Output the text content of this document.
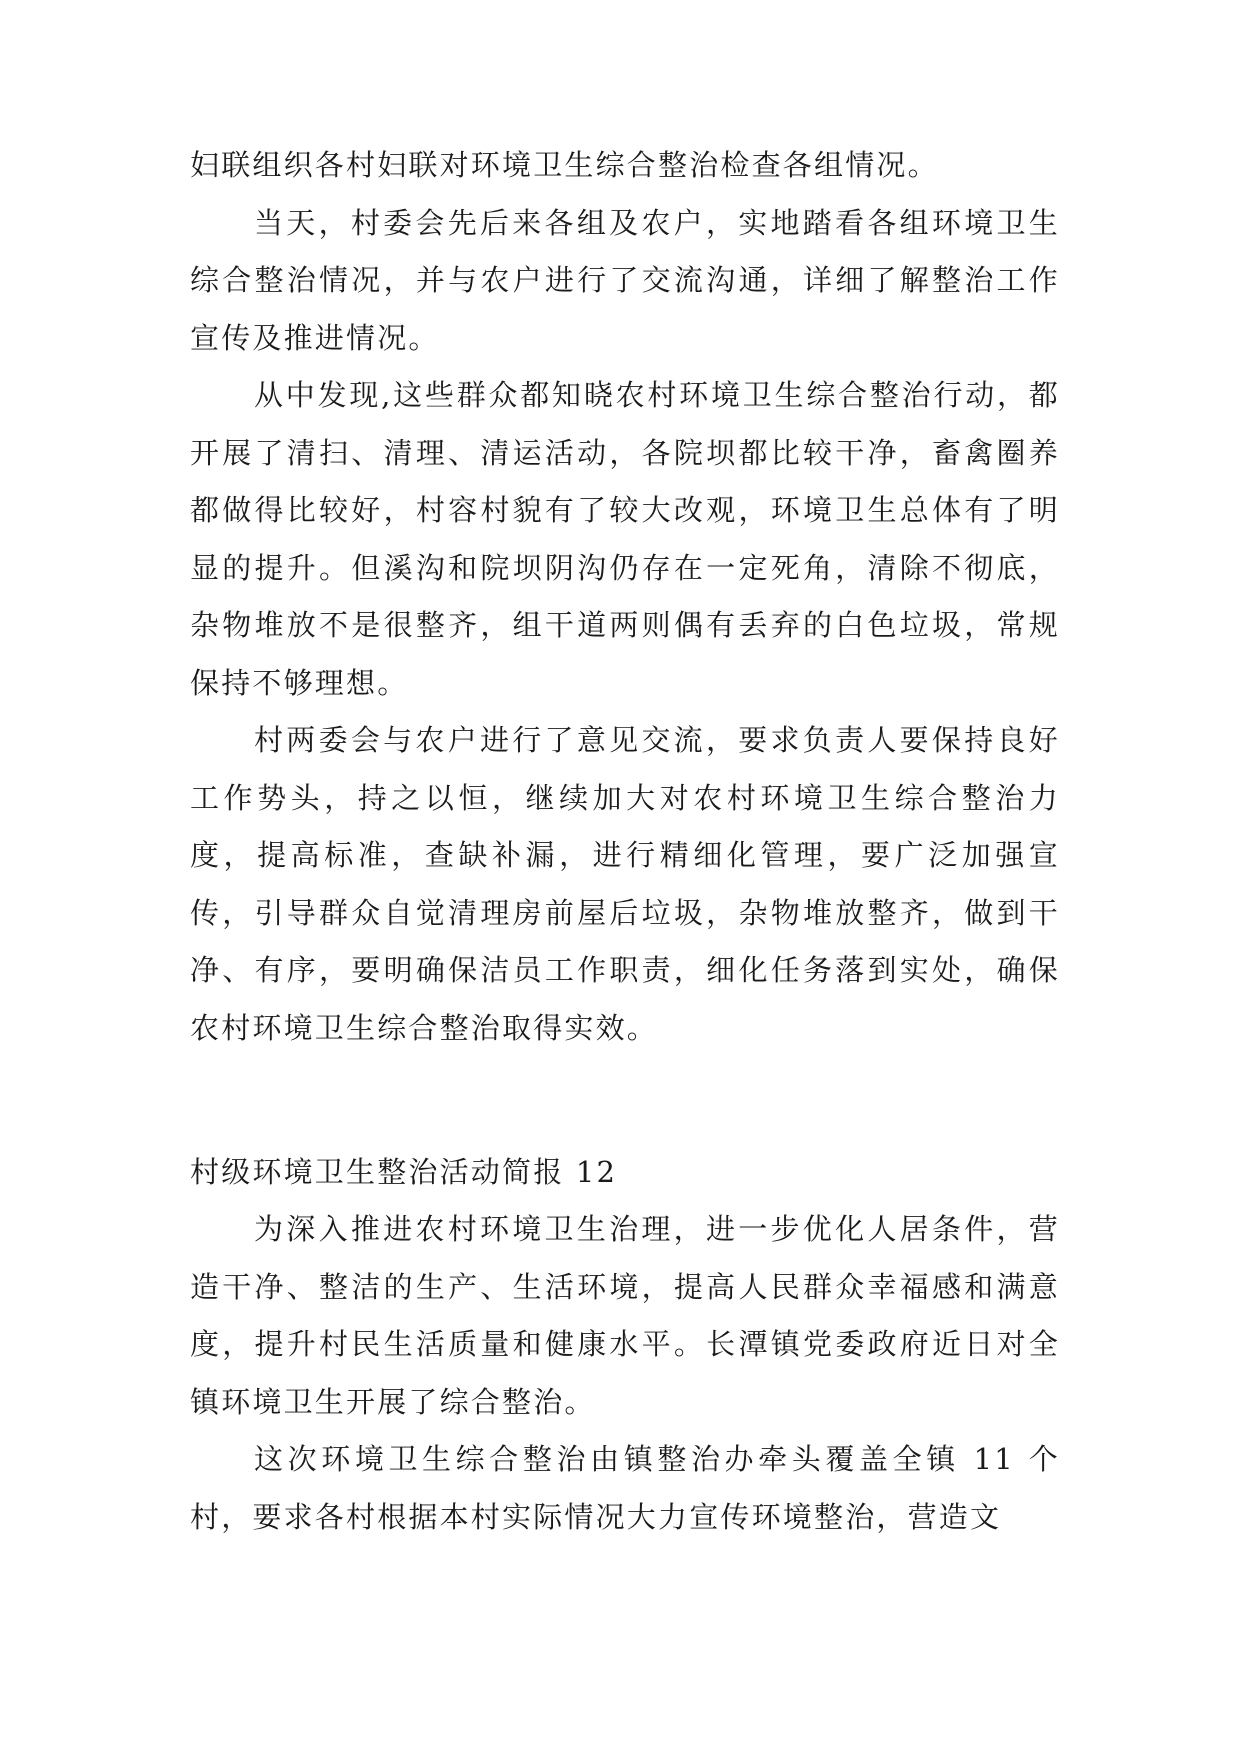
妇联组织各村妇联对环境卫生综合整治检查各组情况。

当天，村委会先后来各组及农户，实地踏看各组环境卫生综合整治情况，并与农户进行了交流沟通，详细了解整治工作宣传及推进情况。

从中发现,这些群众都知晓农村环境卫生综合整治行动，都开展了清扫、清理、清运活动，各院坝都比较干净，畜禽圈养都做得比较好，村容村貌有了较大改观，环境卫生总体有了明显的提升。但溪沟和院坝阴沟仍存在一定死角，清除不彻底，杂物堆放不是很整齐，组干道两则偶有丢弃的白色垃圾，常规保持不够理想。

村两委会与农户进行了意见交流，要求负责人要保持良好工作势头，持之以恒，继续加大对农村环境卫生综合整治力度，提高标准，查缺补漏，进行精细化管理，要广泛加强宣传，引导群众自觉清理房前屋后垃圾，杂物堆放整齐，做到干净、有序，要明确保洁员工作职责，细化任务落到实处，确保农村环境卫生综合整治取得实效。

村级环境卫生整治活动简报 12

为深入推进农村环境卫生治理，进一步优化人居条件，营造干净、整洁的生产、生活环境，提高人民群众幸福感和满意度，提升村民生活质量和健康水平。长潭镇党委政府近日对全镇环境卫生开展了综合整治。

这次环境卫生综合整治由镇整治办牵头覆盖全镇 11 个村，要求各村根据本村实际情况大力宣传环境整治，营造文
